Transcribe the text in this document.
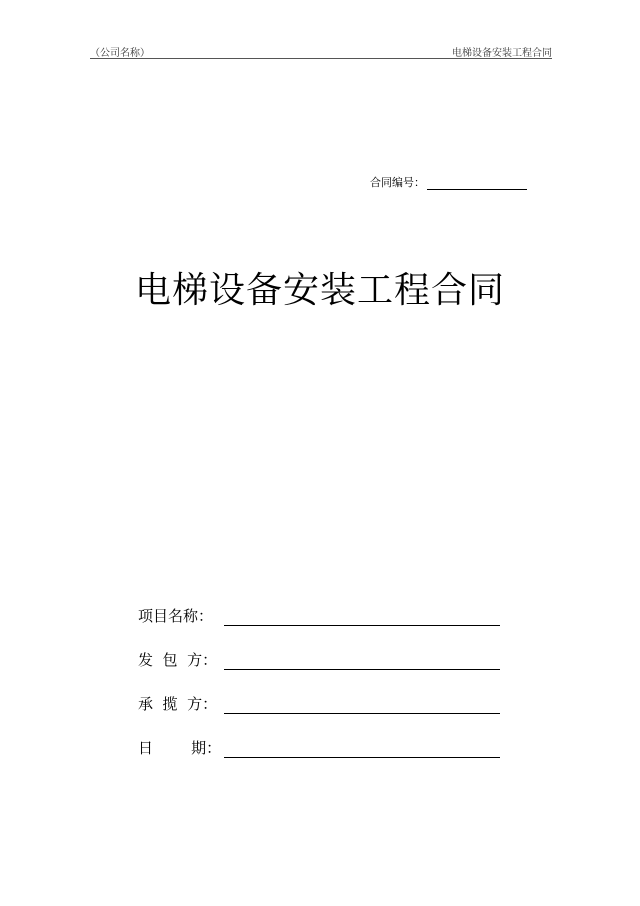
（公司名称）	电梯设备安装工程合同
合同编号：
电梯设备安装工程合同
项目名称：
发  包  方：
承  揽  方：
日        期：
